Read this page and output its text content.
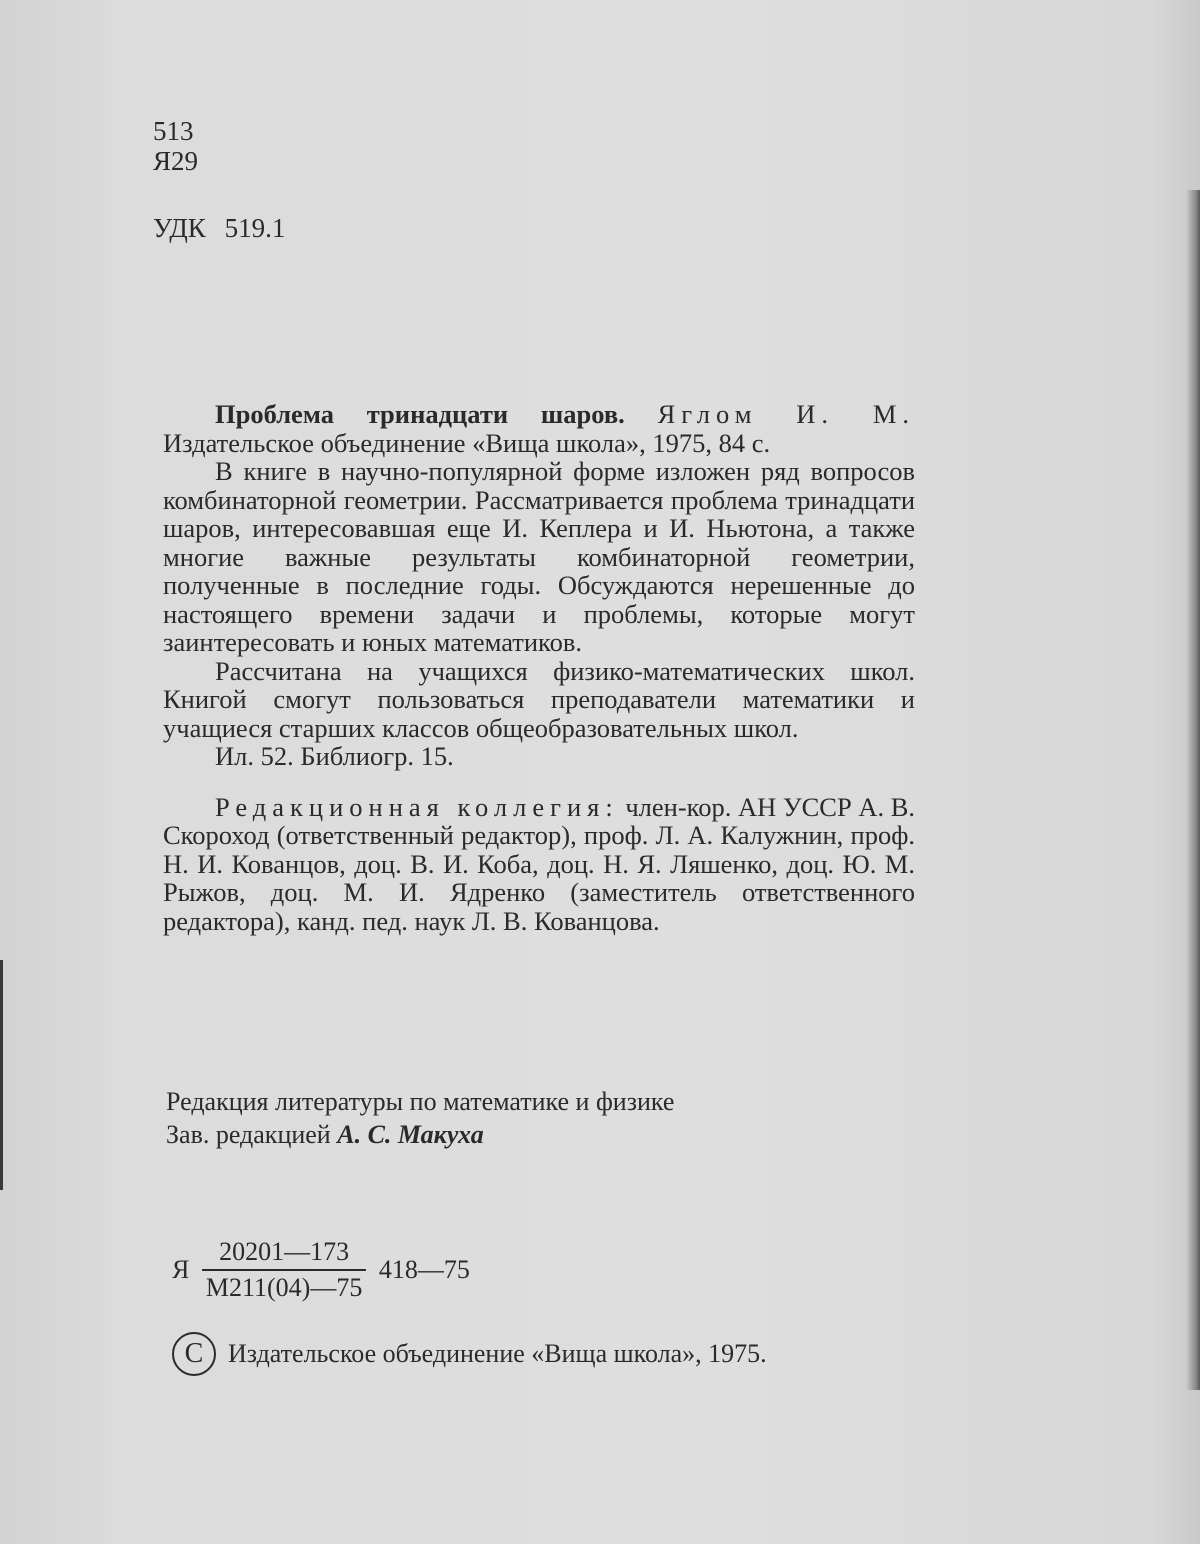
513
Я29
УДК 519.1

Проблема тринадцати шаров. Яглом И. М. Издательское объединение «Вища школа», 1975, 84 с.

В книге в научно-популярной форме изложен ряд вопросов комбинаторной геометрии. Рассматривается проблема тринадцати шаров, интересовавшая еще И. Кеплера и И. Ньютона, а также многие важные результаты комбинаторной геометрии, полученные в последние годы. Обсуждаются нерешенные до настоящего времени задачи и проблемы, которые могут заинтересовать и юных математиков.

Рассчитана на учащихся физико-математических школ. Книгой смогут пользоваться преподаватели математики и учащиеся старших классов общеобразовательных школ.

Ил. 52. Библиогр. 15.

Редакционная коллегия: член-кор. АН УССР А. В. Скороход (ответственный редактор), проф. Л. А. Калужнин, проф. Н. И. Кованцов, доц. В. И. Коба, доц. Н. Я. Ляшенко, доц. Ю. М. Рыжов, доц. М. И. Ядренко (заместитель ответственного редактора), канд. пед. наук Л. В. Кованцова.

Редакция литературы по математике и физике
Зав. редакцией А. С. Макуха
Я $\frac{20201—173}{М211(04)—75}$ 418—75
C Издательское объединение «Вища школа», 1975.
